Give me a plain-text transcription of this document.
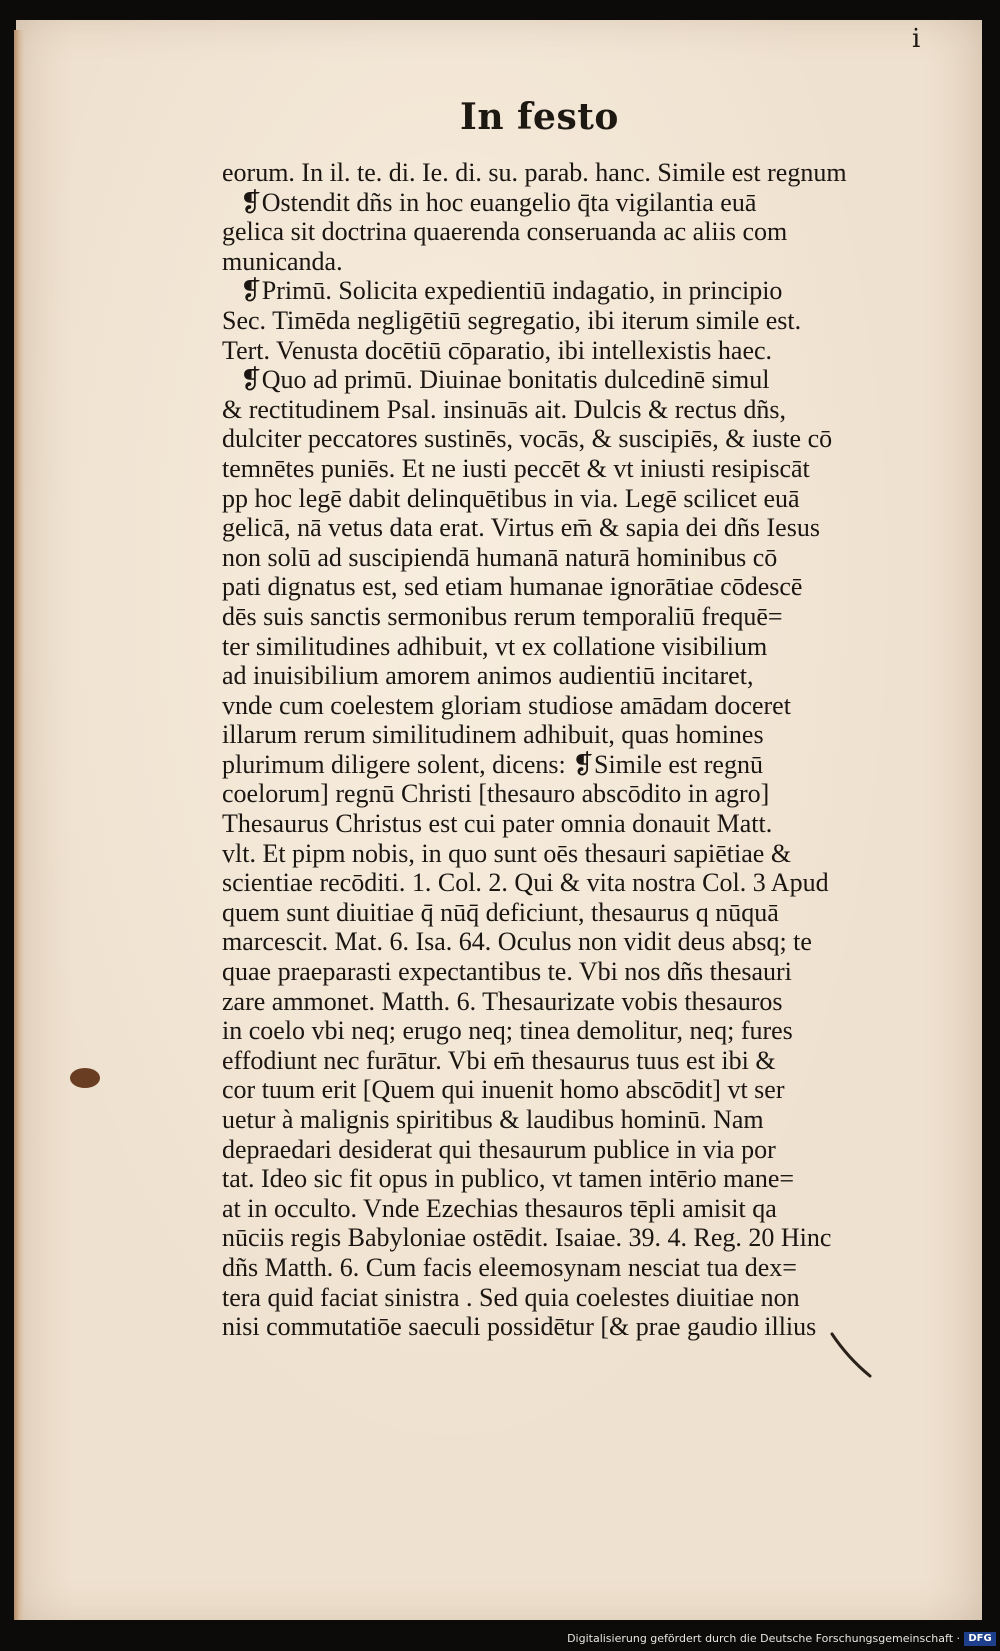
i
In festo
eorum. In il. te. di. Ie. di. su. parab. hanc. Simile est regnum
❡Ostendit dñs in hoc euangelio q̄ta vigilantia euā
gelica sit doctrina quaerenda conseruanda ac aliis com
municanda.
❡Primū. Solicita expedientiū indagatio, in principio
Sec. Timēda negligētiū segregatio, ibi iterum simile est.
Tert. Venusta docētiū cōparatio, ibi intellexistis haec.
❡Quo ad primū. Diuinae bonitatis dulcedinē simul
& rectitudinem Psal. insinuās ait. Dulcis & rectus dñs,
dulciter peccatores sustinēs, vocās, & suscipiēs, & iuste cō
temnētes puniēs. Et ne iusti peccēt & vt iniusti resipiscāt
pp hoc legē dabit delinquētibus in via. Legē scilicet euā
gelicā, nā vetus data erat. Virtus em̄ & sapia dei dñs Iesus
non solū ad suscipiendā humanā naturā hominibus cō
pati dignatus est, sed etiam humanae ignorātiae cōdescē
dēs suis sanctis sermonibus rerum temporaliū frequē=
ter similitudines adhibuit, vt ex collatione visibilium
ad inuisibilium amorem animos audientiū incitaret,
vnde cum coelestem gloriam studiose amādam doceret
illarum rerum similitudinem adhibuit, quas homines
plurimum diligere solent, dicens: ❡Simile est regnū
coelorum] regnū Christi [thesauro abscōdito in agro]
Thesaurus Christus est cui pater omnia donauit Matt.
vlt. Et pipm nobis, in quo sunt oēs thesauri sapiētiae &
scientiae recōditi. 1. Col. 2. Qui & vita nostra Col. 3 Apud
quem sunt diuitiae q̄ nūq̄ deficiunt, thesaurus q nūquā
marcescit. Mat. 6. Isa. 64. Oculus non vidit deus absq; te
quae praeparasti expectantibus te. Vbi nos dñs thesauri
zare ammonet. Matth. 6. Thesaurizate vobis thesauros
in coelo vbi neq; erugo neq; tinea demolitur, neq; fures
effodiunt nec furātur. Vbi em̄ thesaurus tuus est ibi &
cor tuum erit [Quem qui inuenit homo abscōdit] vt ser
uetur à malignis spiritibus & laudibus hominū. Nam
depraedari desiderat qui thesaurum publice in via por
tat. Ideo sic fit opus in publico, vt tamen intērio mane=
at in occulto. Vnde Ezechias thesauros tēpli amisit qa
nūciis regis Babyloniae ostēdit. Isaiae. 39. 4. Reg. 20 Hinc
dñs Matth. 6. Cum facis eleemosynam nesciat tua dex=
tera quid faciat sinistra . Sed quia coelestes diuitiae non
nisi commutatiōe saeculi possidētur [& prae gaudio illius
Digitalisierung gefördert durch die Deutsche Forschungsgemeinschaft · DFG
